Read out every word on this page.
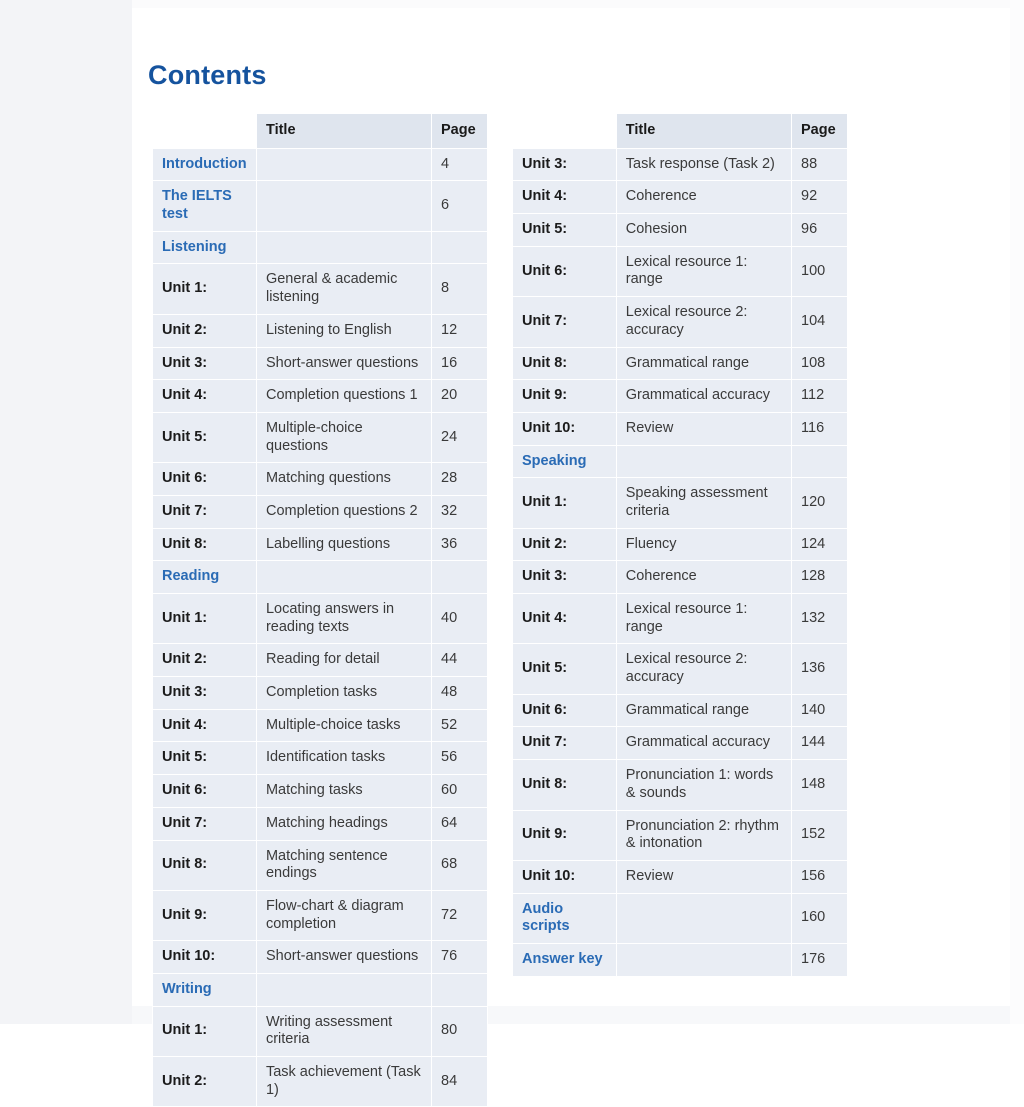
Contents
	Title	Page
Introduction		4
The IELTS test		6
Listening		
Unit 1:	General & academic listening	8
Unit 2:	Listening to English	12
Unit 3:	Short-answer questions	16
Unit 4:	Completion questions 1	20
Unit 5:	Multiple-choice questions	24
Unit 6:	Matching questions	28
Unit 7:	Completion questions 2	32
Unit 8:	Labelling questions	36
Reading		
Unit 1:	Locating answers in reading texts	40
Unit 2:	Reading for detail	44
Unit 3:	Completion tasks	48
Unit 4:	Multiple-choice tasks	52
Unit 5:	Identification tasks	56
Unit 6:	Matching tasks	60
Unit 7:	Matching headings	64
Unit 8:	Matching sentence endings	68
Unit 9:	Flow-chart & diagram completion	72
Unit 10:	Short-answer questions	76
Writing		
Unit 1:	Writing assessment criteria	80
Unit 2:	Task achievement (Task 1)	84
	Title	Page
Unit 3:	Task response (Task 2)	88
Unit 4:	Coherence	92
Unit 5:	Cohesion	96
Unit 6:	Lexical resource 1: range	100
Unit 7:	Lexical resource 2: accuracy	104
Unit 8:	Grammatical range	108
Unit 9:	Grammatical accuracy	112
Unit 10:	Review	116
Speaking		
Unit 1:	Speaking assessment criteria	120
Unit 2:	Fluency	124
Unit 3:	Coherence	128
Unit 4:	Lexical resource 1: range	132
Unit 5:	Lexical resource 2: accuracy	136
Unit 6:	Grammatical range	140
Unit 7:	Grammatical accuracy	144
Unit 8:	Pronunciation 1: words & sounds	148
Unit 9:	Pronunciation 2: rhythm & intonation	152
Unit 10:	Review	156
Audio scripts		160
Answer key		176
